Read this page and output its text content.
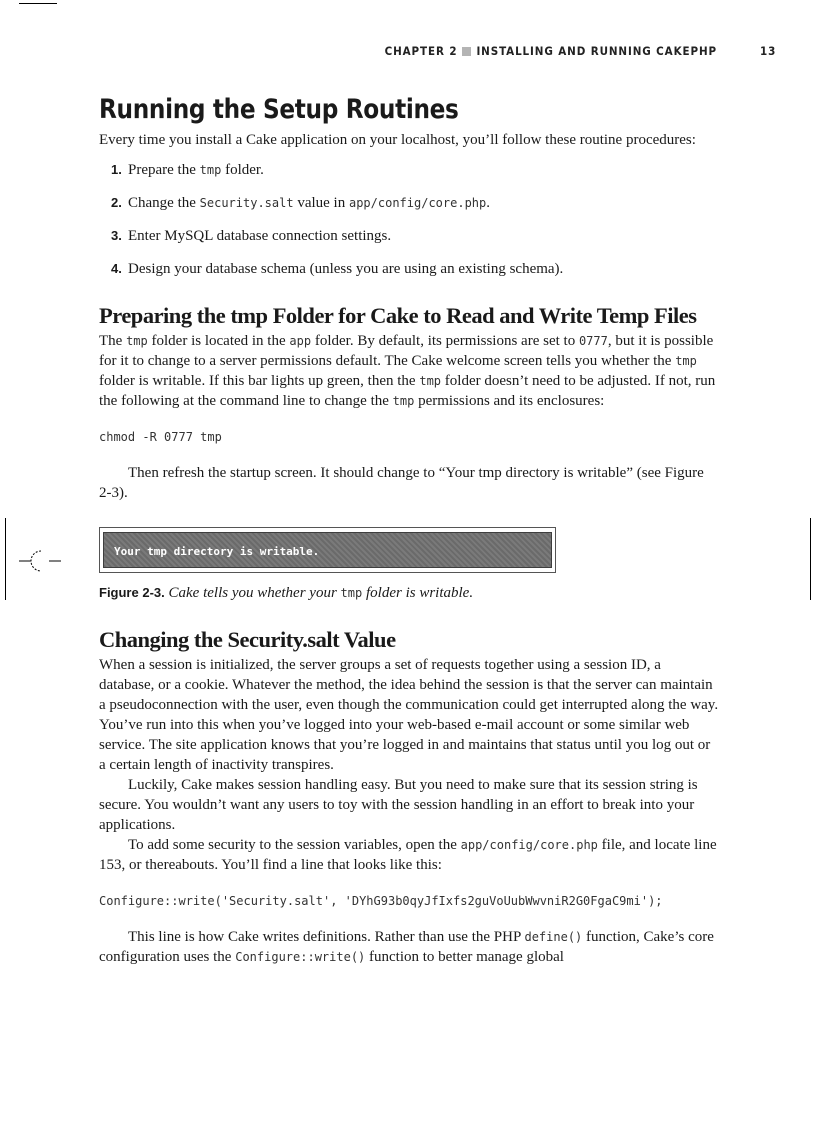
CHAPTER 2 INSTALLING AND RUNNING CAKEPHP	13
Running the Setup Routines

Every time you install a Cake application on your localhost, you’ll follow these routine procedures:

1. Prepare the tmp folder.
2. Change the Security.salt value in app/config/core.php.
3. Enter MySQL database connection settings.
4. Design your database schema (unless you are using an existing schema).
Preparing the tmp Folder for Cake to Read and Write Temp Files

The tmp folder is located in the app folder. By default, its permissions are set to 0777, but it is possible for it to change to a server permissions default. The Cake welcome screen tells you whether the tmp folder is writable. If this bar lights up green, then the tmp folder doesn’t need to be adjusted. If not, run the following at the command line to change the tmp permissions and its enclosures:

chmod -R 0777 tmp

Then refresh the startup screen. It should change to “Your tmp directory is writable” (see Figure 2-3).

Your tmp directory is writable.

Figure 2-3. Cake tells you whether your tmp folder is writable.

Changing the Security.salt Value

When a session is initialized, the server groups a set of requests together using a session ID, a database, or a cookie. Whatever the method, the idea behind the session is that the server can maintain a pseudoconnection with the user, even though the communication could get interrupted along the way. You’ve run into this when you’ve logged into your web-based e-mail account or some similar web service. The site application knows that you’re logged in and maintains that status until you log out or a certain length of inactivity transpires.

Luckily, Cake makes session handling easy. But you need to make sure that its session string is secure. You wouldn’t want any users to toy with the session handling in an effort to break into your applications.

To add some security to the session variables, open the app/config/core.php file, and locate line 153, or thereabouts. You’ll find a line that looks like this:

Configure::write('Security.salt', 'DYhG93b0qyJfIxfs2guVoUubWwvniR2G0FgaC9mi');

This line is how Cake writes definitions. Rather than use the PHP define() function, Cake’s core configuration uses the Configure::write() function to better manage global
